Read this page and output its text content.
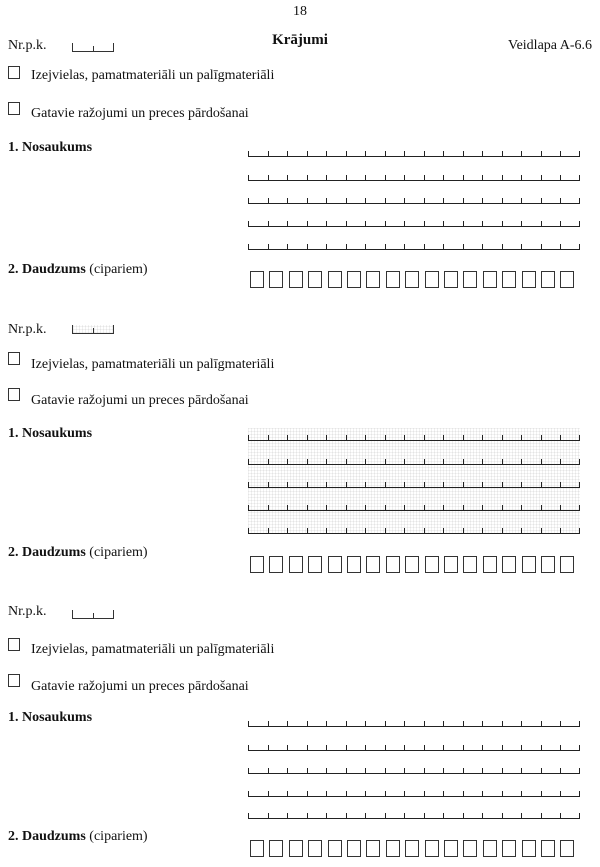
18
Krājumi	Veidlapa A-6.6
Nr.p.k.
Izejvielas, pamatmateriāli un palīgmateriāli
Gatavie ražojumi un preces pārdošanai
1. Nosaukums
2. Daudzums (cipariem)
Nr.p.k.
Izejvielas, pamatmateriāli un palīgmateriāli
Gatavie ražojumi un preces pārdošanai
1. Nosaukums
2. Daudzums (cipariem)
Nr.p.k.
Izejvielas, pamatmateriāli un palīgmateriāli
Gatavie ražojumi un preces pārdošanai
1. Nosaukums
2. Daudzums (cipariem)
